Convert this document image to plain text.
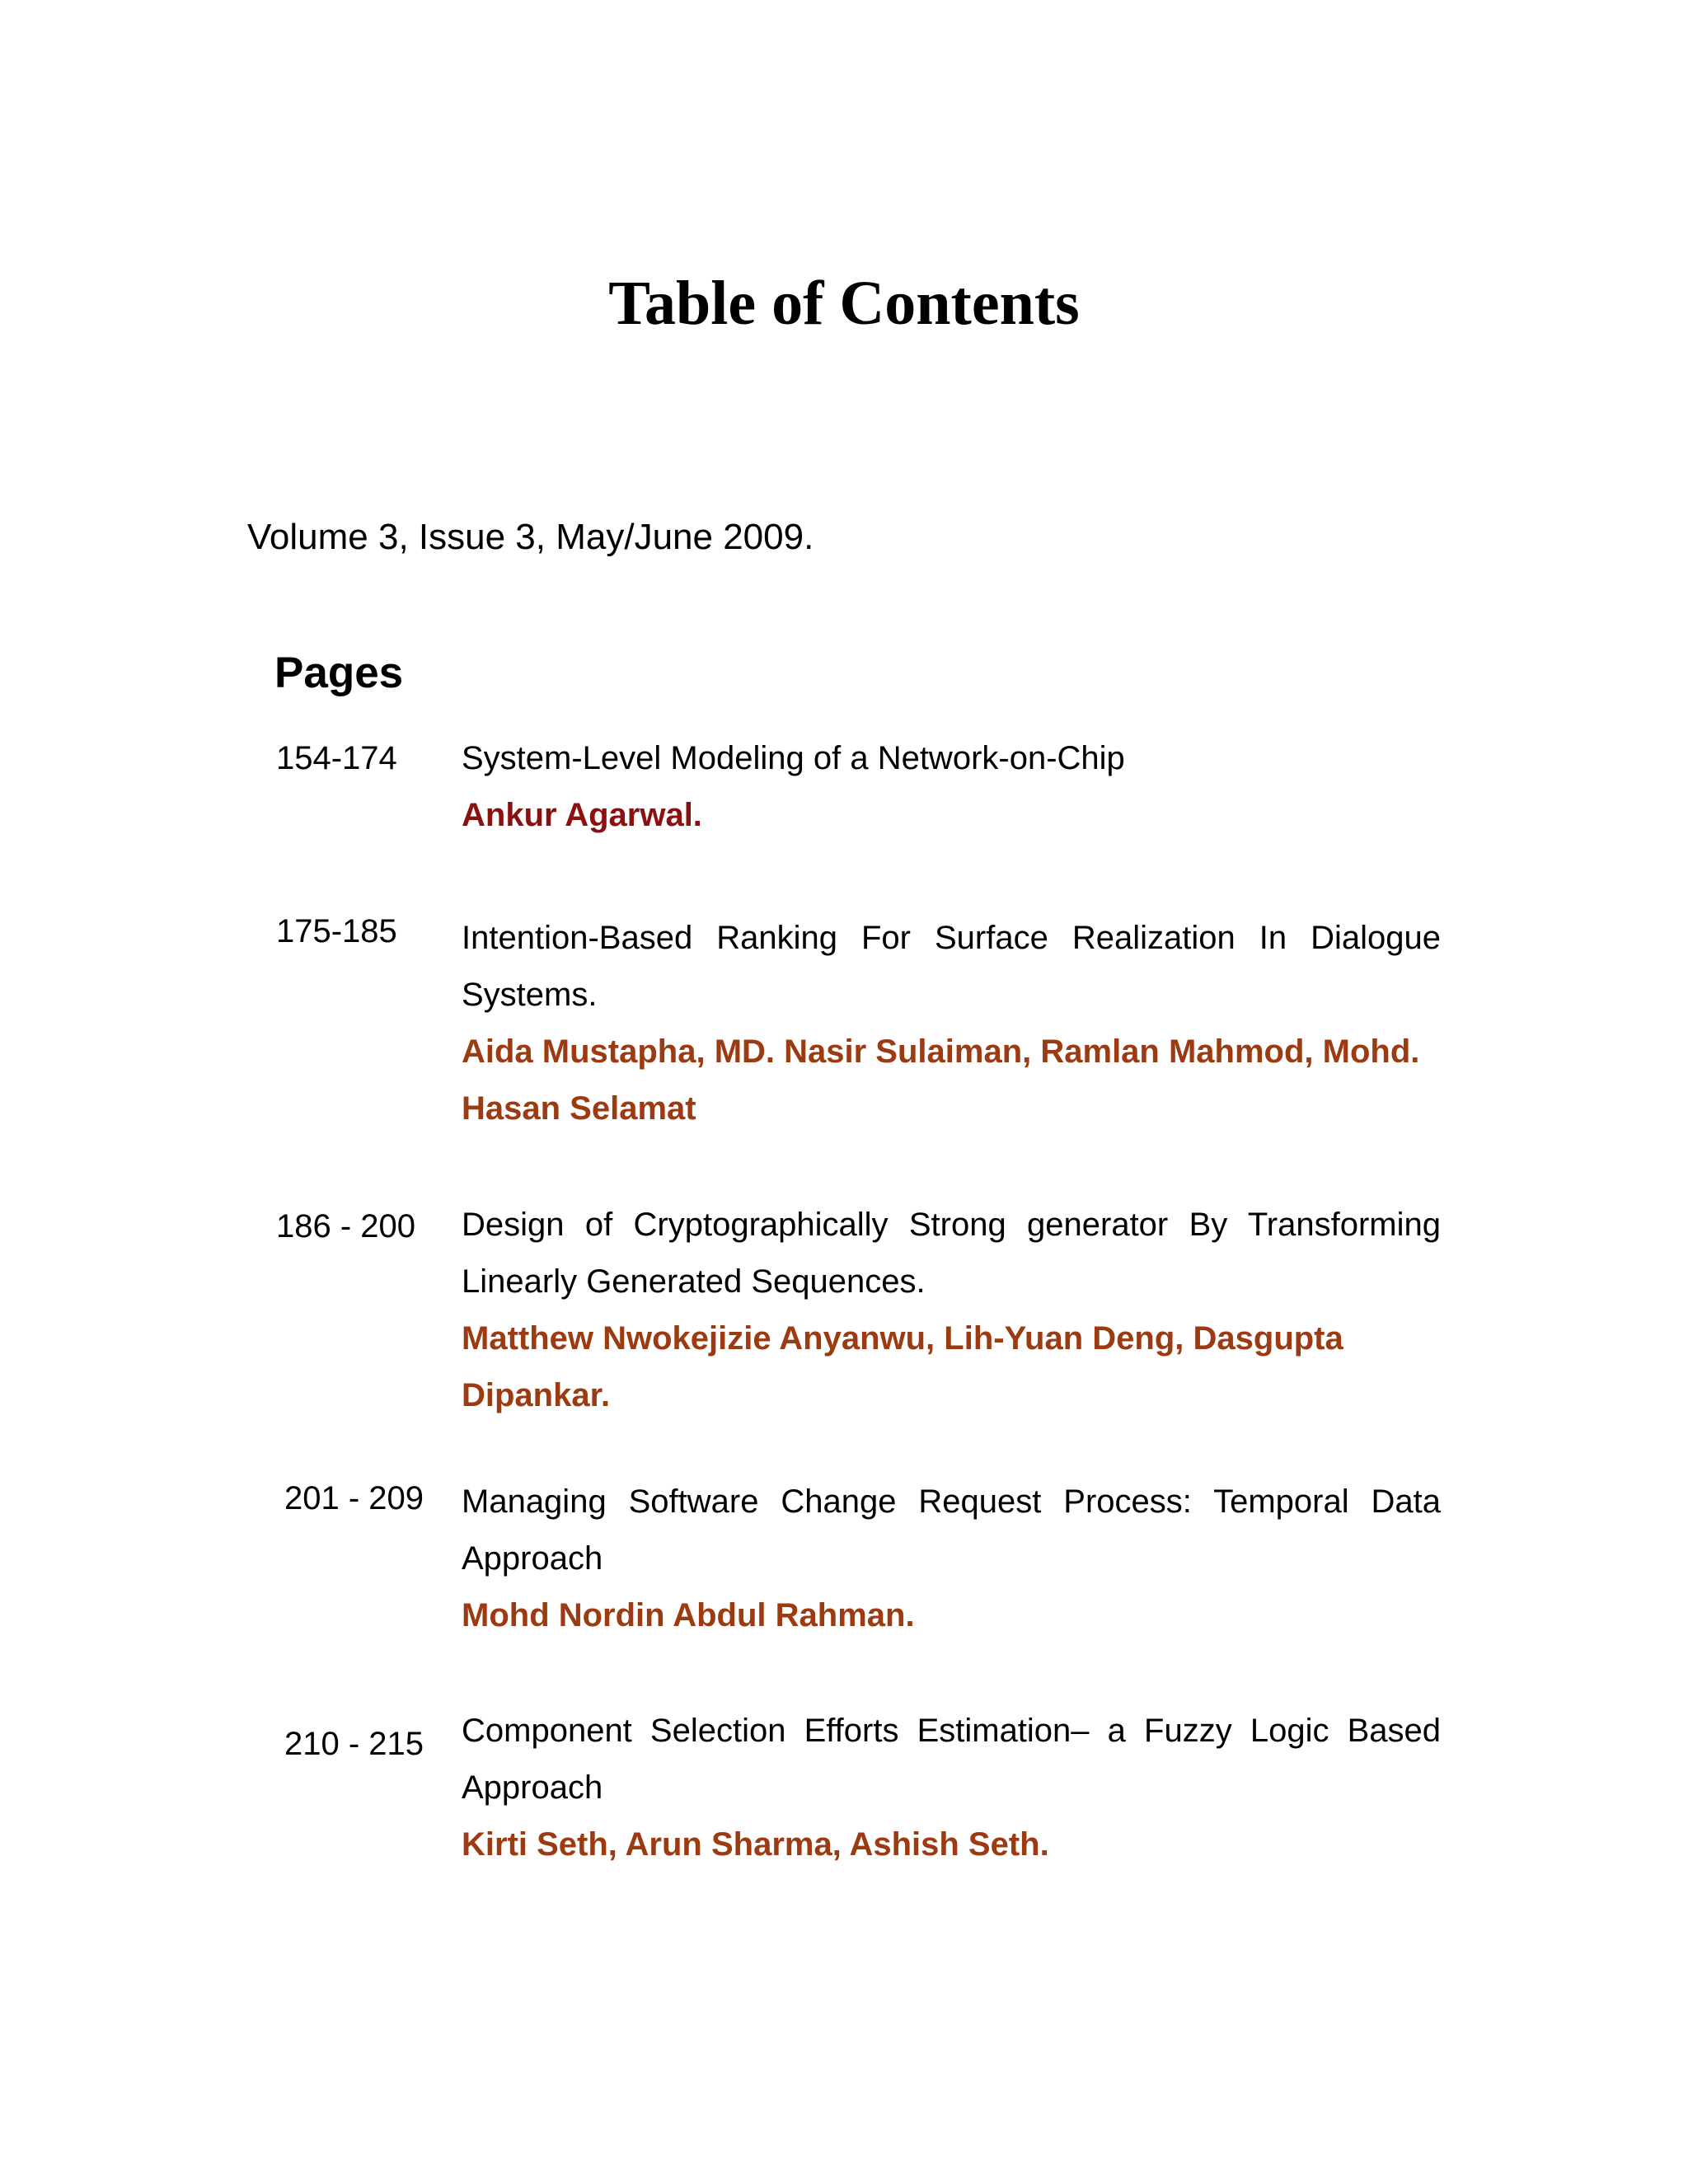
Table of Contents
Volume 3, Issue 3, May/June 2009.
Pages
154-174 System-Level Modeling of a Network-on-Chip
Ankur Agarwal.
175-185 Intention-Based Ranking For Surface Realization In Dialogue Systems.
Aida Mustapha, MD. Nasir Sulaiman, Ramlan Mahmod, Mohd. Hasan Selamat
186 - 200 Design of Cryptographically Strong generator By Transforming Linearly Generated Sequences.
Matthew Nwokejizie Anyanwu, Lih-Yuan Deng, Dasgupta Dipankar.
201 - 209 Managing Software Change Request Process: Temporal Data Approach
Mohd Nordin Abdul Rahman.
210 - 215 Component Selection Efforts Estimation– a Fuzzy Logic Based Approach
Kirti Seth, Arun Sharma, Ashish Seth.
